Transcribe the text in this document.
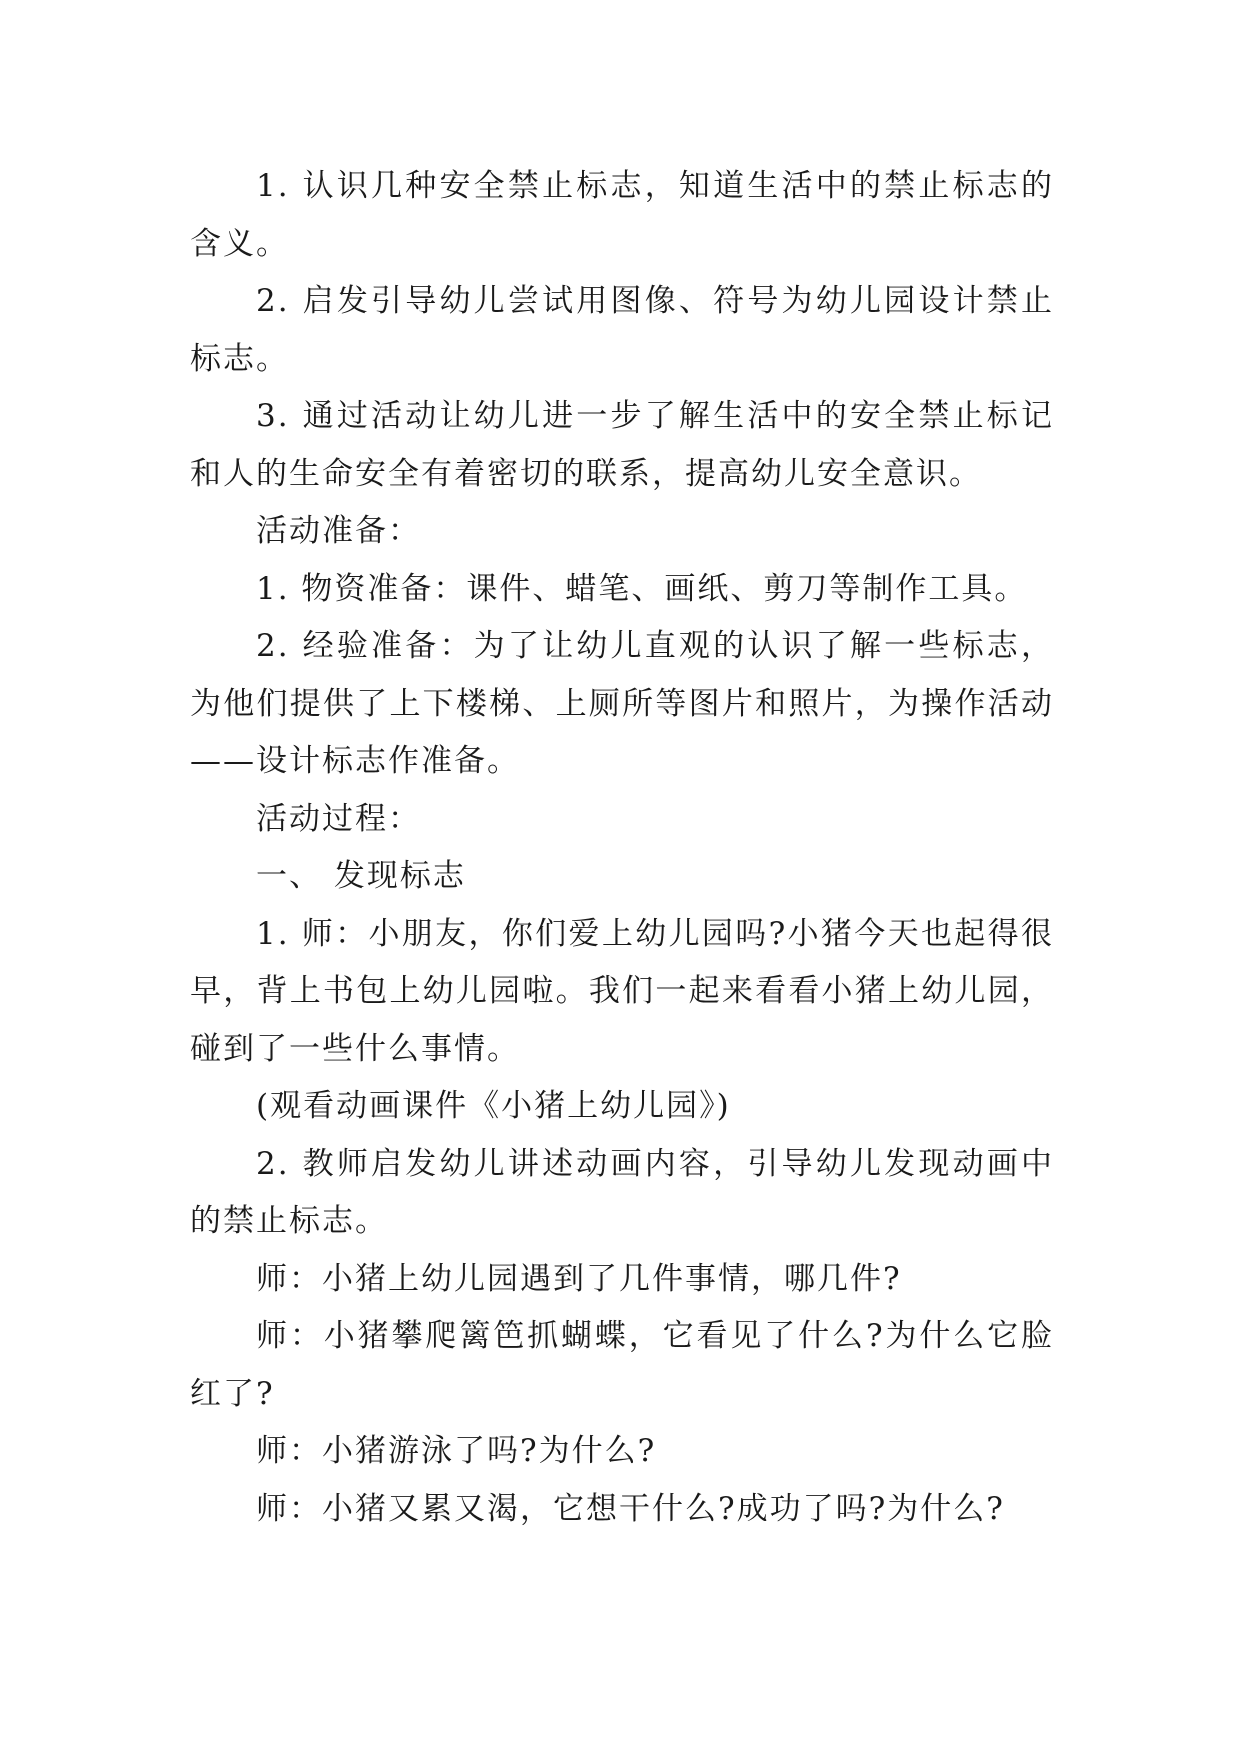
1. 认识几种安全禁止标志，知道生活中的禁止标志的含义。

2. 启发引导幼儿尝试用图像、符号为幼儿园设计禁止标志。

3. 通过活动让幼儿进一步了解生活中的安全禁止标记和人的生命安全有着密切的联系，提高幼儿安全意识。

活动准备：

1. 物资准备：课件、蜡笔、画纸、剪刀等制作工具。

2. 经验准备：为了让幼儿直观的认识了解一些标志，为他们提供了上下楼梯、上厕所等图片和照片，为操作活动——设计标志作准备。

活动过程：

一、 发现标志

1. 师：小朋友，你们爱上幼儿园吗?小猪今天也起得很早，背上书包上幼儿园啦。我们一起来看看小猪上幼儿园，碰到了一些什么事情。

(观看动画课件《小猪上幼儿园》)

2. 教师启发幼儿讲述动画内容，引导幼儿发现动画中的禁止标志。

师：小猪上幼儿园遇到了几件事情，哪几件?

师：小猪攀爬篱笆抓蝴蝶，它看见了什么?为什么它脸红了?

师：小猪游泳了吗?为什么?

师：小猪又累又渴，它想干什么?成功了吗?为什么?
